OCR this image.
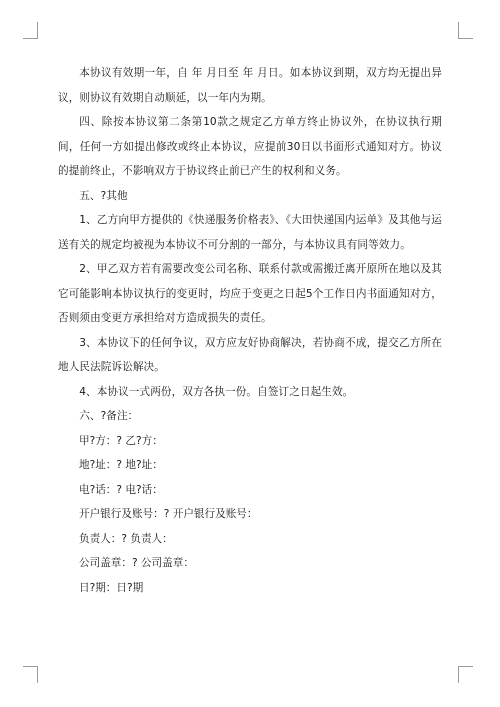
本协议有效期一年，自 年 月日至 年 月日。如本协议到期，双方均无提出异议，则协议有效期自动顺延，以一年内为期。

四、除按本协议第二条第10款之规定乙方单方终止协议外，在协议执行期间，任何一方如提出修改或终止本协议，应提前30日以书面形式通知对方。协议的提前终止，不影响双方于协议终止前已产生的权利和义务。

五、?其他

1、乙方向甲方提供的《快递服务价格表》、《大田快递国内运单》及其他与运送有关的规定均被视为本协议不可分割的一部分，与本协议具有同等效力。

2、甲乙双方若有需要改变公司名称、联系付款或需搬迁离开原所在地以及其它可能影响本协议执行的变更时，均应于变更之日起5个工作日内书面通知对方，否则须由变更方承担给对方造成损失的责任。

3、本协议下的任何争议，双方应友好协商解决，若协商不成，提交乙方所在地人民法院诉讼解决。

4、本协议一式两份，双方各执一份。自签订之日起生效。

六、?备注：

甲?方：? 乙?方：

地?址：? 地?址：

电?话：? 电?话：

开户银行及账号：? 开户银行及账号：

负责人：? 负责人：

公司盖章：? 公司盖章：

日?期：日?期
